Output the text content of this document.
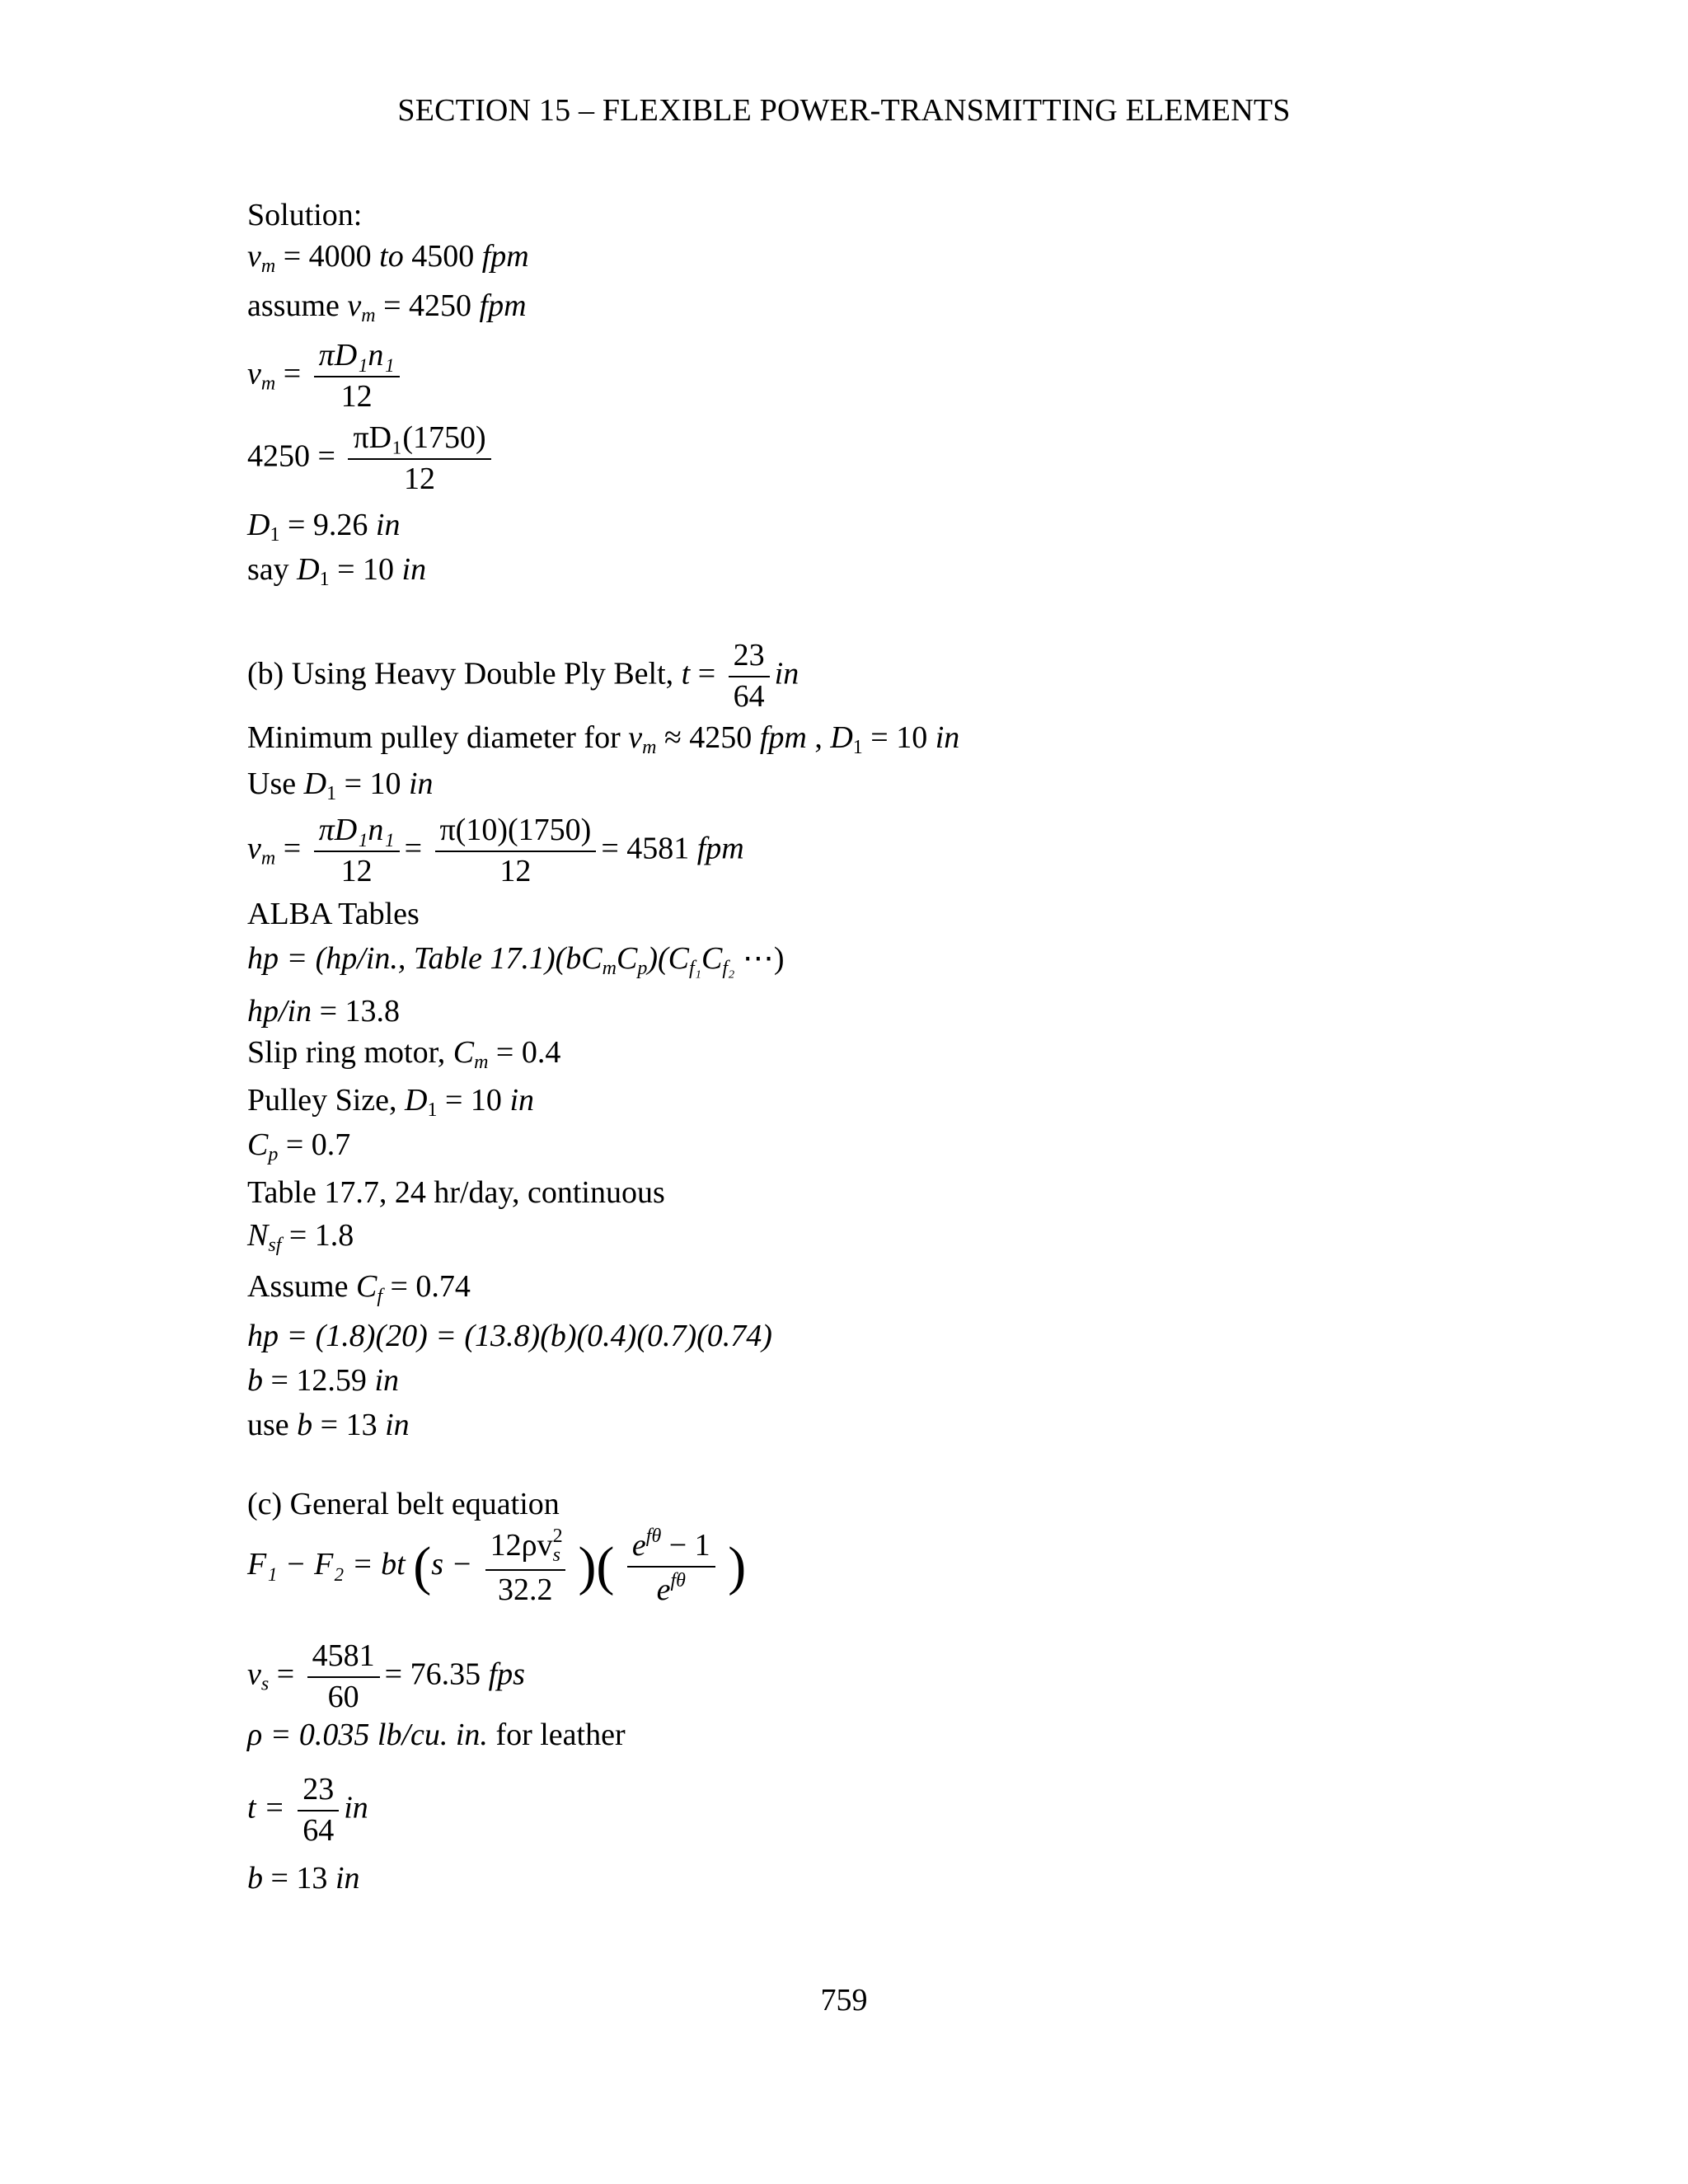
SECTION 15 – FLEXIBLE POWER-TRANSMITTING ELEMENTS
Solution:
$v_m = 4000$ to 4500 fpm
assume $v_m = 4250$ fpm
$v_m = \frac{\text{πD₁n₁}}{12}$
$4250 = \frac{\text{πD₁(1750)}}{12}$
$D_1 = 9.26$ in
say $D_1 = 10$ in
(b) Using Heavy Double Ply Belt, $t = \frac{23}{64}$ in
Minimum pulley diameter for $v_m \approx 4250$ fpm , $D_1 = 10$ in
Use $D_1 = 10$ in
$v_m = \frac{\text{πD₁n₁}}{12} = \frac{\pi(10)(1750)}{12} = 4581$ fpm
ALBA Tables
hp = (hp/in., Table $17.1)(bC_mC_p)(C_{f_1}C_{f_2}$ ⋯)
hp/in = 13.8
Slip ring motor, $C_m = 0.4$
Pulley Size, $D_1 = 10$ in
$C_p = 0.7$
Table 17.7, 24 hr/day, continuous
$N_{sf} = 1.8$
Assume $C_f = 0.74$
hp = (1.8)(20) = (13.8)(b)(0.4)(0.7)(0.74)
b = 12.59 in
use b = 13 in
(c) General belt equation
F₁ − F₂ = bt ($s - \frac{12\rho v^2_s}{32.2}$ )( $\frac{e^{f\theta} - 1}{e^{f\theta}}$ )
$v_s = \frac{4581}{60} = 76.35$ fps
ρ = 0.035 lb/cu. in. for leather
$t = \frac{23}{64}$ in
b = 13 in
759
